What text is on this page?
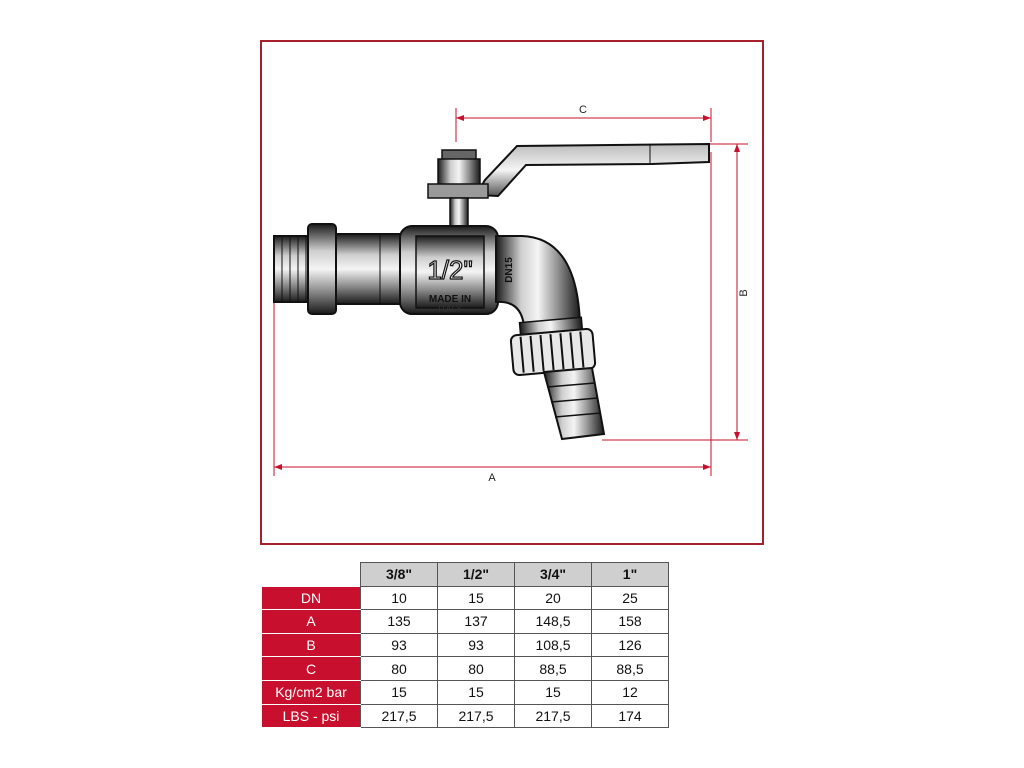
C
B
A
1/2"
MADE IN
ITALY
DN15
	3/8"	1/2"	3/4"	1"
DN	10	15	20	25
A	135	137	148,5	158
B	93	93	108,5	126
C	80	80	88,5	88,5
Kg/cm2 bar	15	15	15	12
LBS - psi	217,5	217,5	217,5	174
